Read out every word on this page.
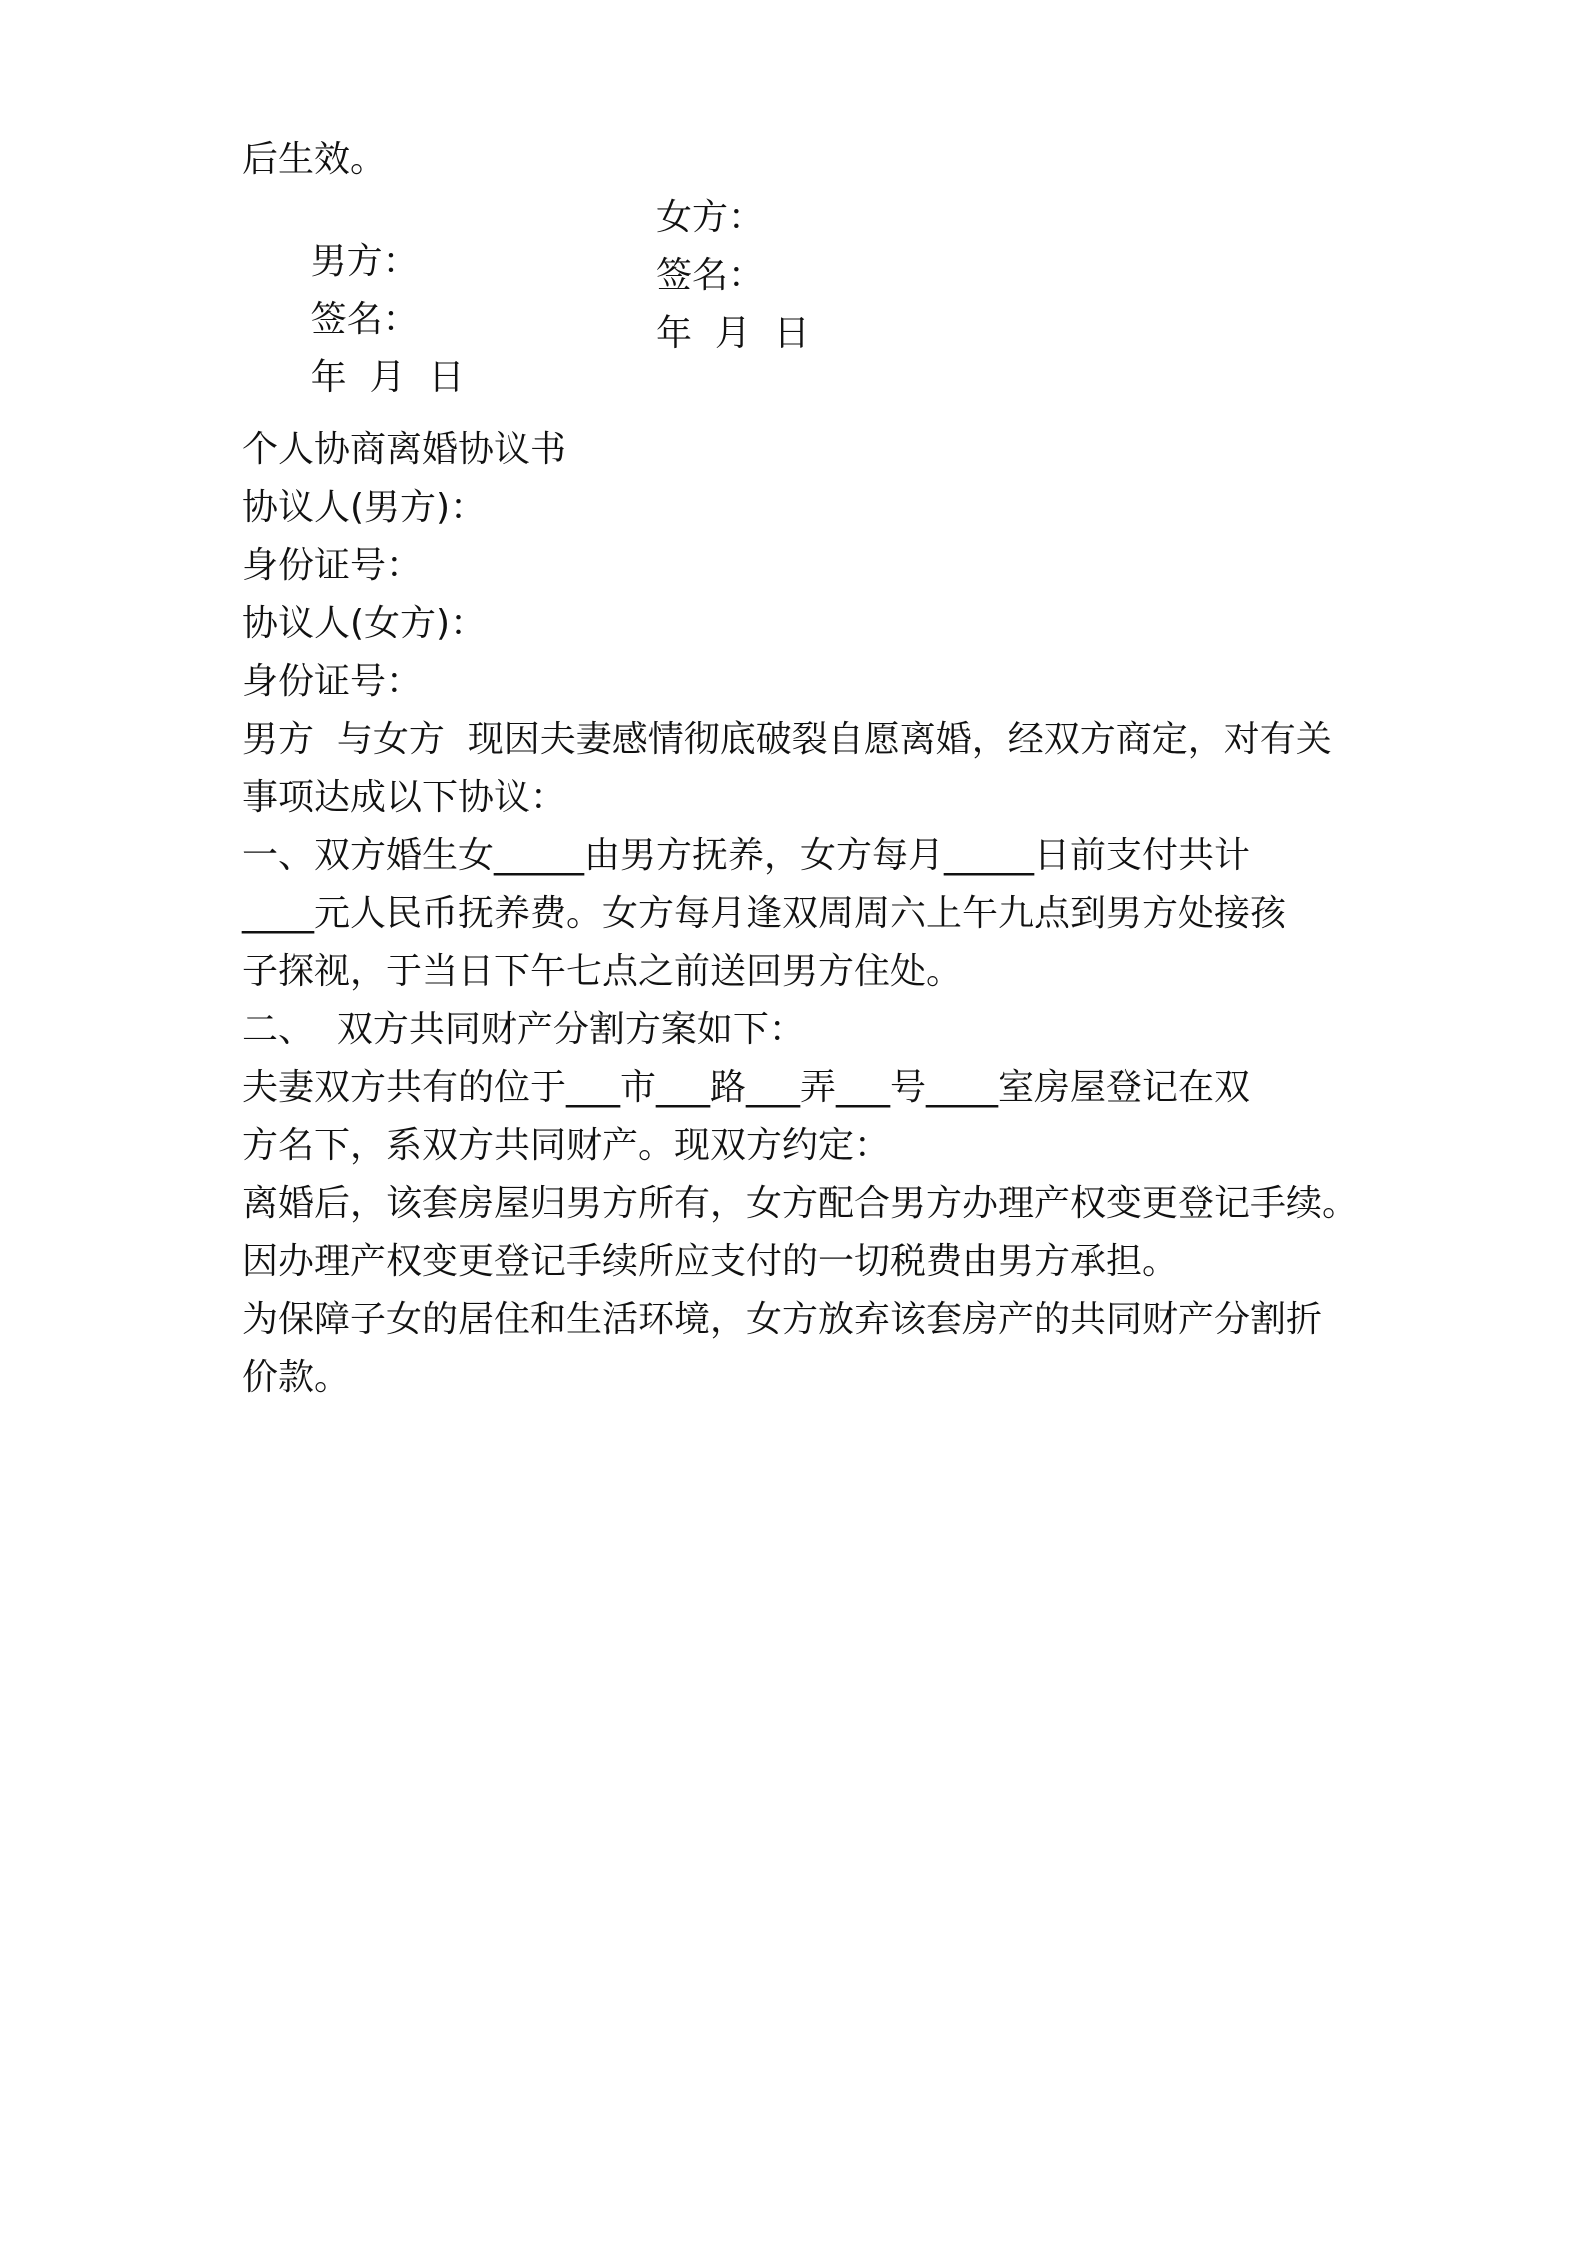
后生效。

男方：

女方：

签名：

签名：

年  月  日

年  月  日

个人协商离婚协议书
协议人(男方)：
身份证号：
协议人(女方)：
身份证号：
男方  与女方  现因夫妻感情彻底破裂自愿离婚，经双方商定，对有关
事项达成以下协议：
一、双方婚生女_____由男方抚养，女方每月_____日前支付共计
____元人民币抚养费。女方每月逢双周周六上午九点到男方处接孩
子探视，于当日下午七点之前送回男方住处。
二、  双方共同财产分割方案如下：
夫妻双方共有的位于___市___路___弄___号____室房屋登记在双
方名下，系双方共同财产。现双方约定：
离婚后，该套房屋归男方所有，女方配合男方办理产权变更登记手续。
因办理产权变更登记手续所应支付的一切税费由男方承担。
为保障子女的居住和生活环境，女方放弃该套房产的共同财产分割折
价款。
